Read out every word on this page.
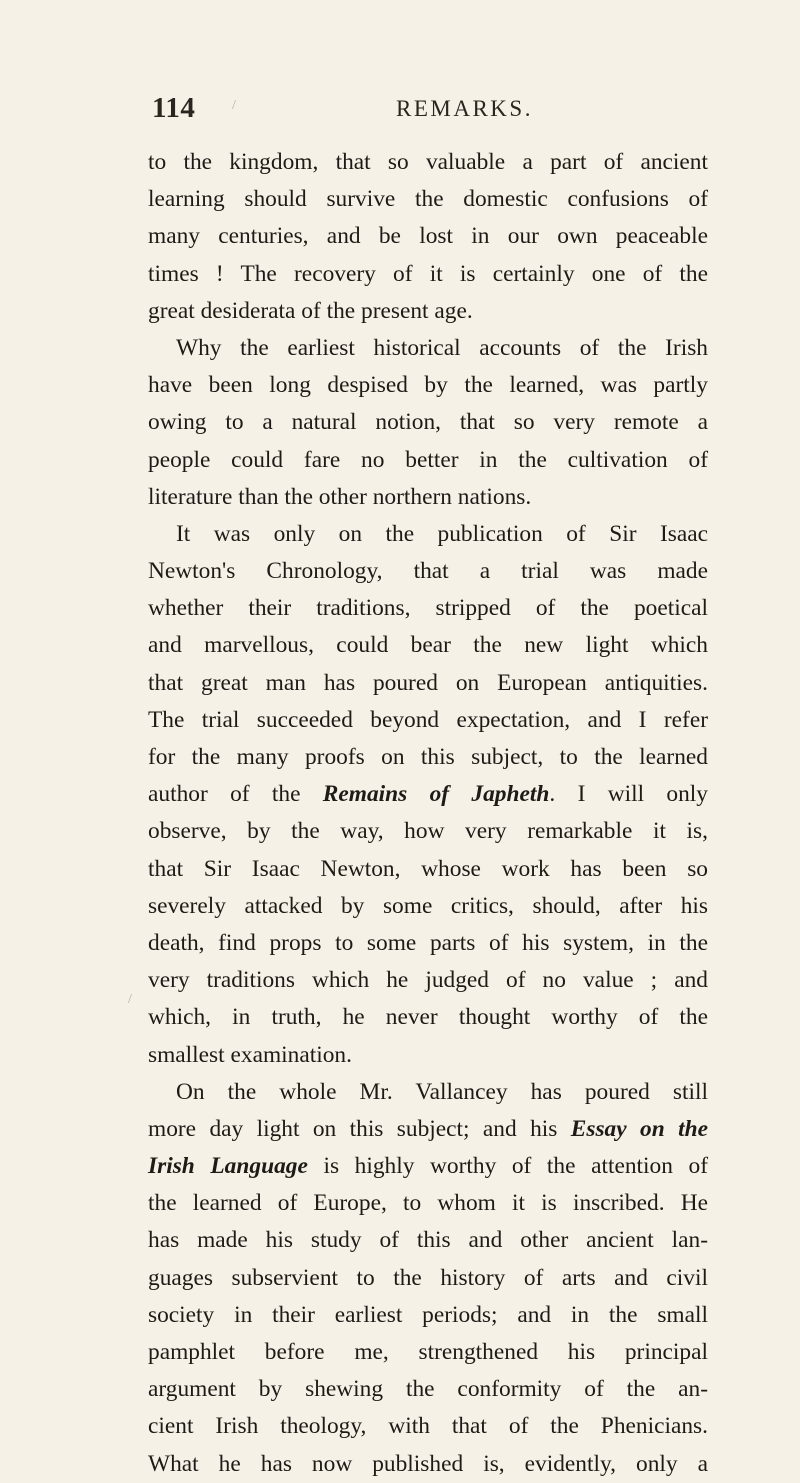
114	REMARKS.
/
/
to the kingdom, that so valuable a part of ancient
learning should survive the domestic confusions of
many centuries, and be lost in our own peaceable
times ! The recovery of it is certainly one of the
great desiderata of the present age.
Why the earliest historical accounts of the Irish
have been long despised by the learned, was partly
owing to a natural notion, that so very remote a
people could fare no better in the cultivation of
literature than the other northern nations.
It was only on the publication of Sir Isaac
Newton's Chronology, that a trial was made
whether their traditions, stripped of the poetical
and marvellous, could bear the new light which
that great man has poured on European antiquities.
The trial succeeded beyond expectation, and I refer
for the many proofs on this subject, to the learned
author of the Remains of Japheth. I will only
observe, by the way, how very remarkable it is,
that Sir Isaac Newton, whose work has been so
severely attacked by some critics, should, after his
death, find props to some parts of his system, in the
very traditions which he judged of no value ; and
which, in truth, he never thought worthy of the
smallest examination.
On the whole Mr. Vallancey has poured still
more day light on this subject; and his Essay on the
Irish Language is highly worthy of the attention of
the learned of Europe, to whom it is inscribed. He
has made his study of this and other ancient lan-
guages subservient to the history of arts and civil
society in their earliest periods; and in the small
pamphlet before me, strengthened his principal
argument by shewing the conformity of the an-
cient Irish theology, with that of the Phenicians.
What he has now published is, evidently, only a
